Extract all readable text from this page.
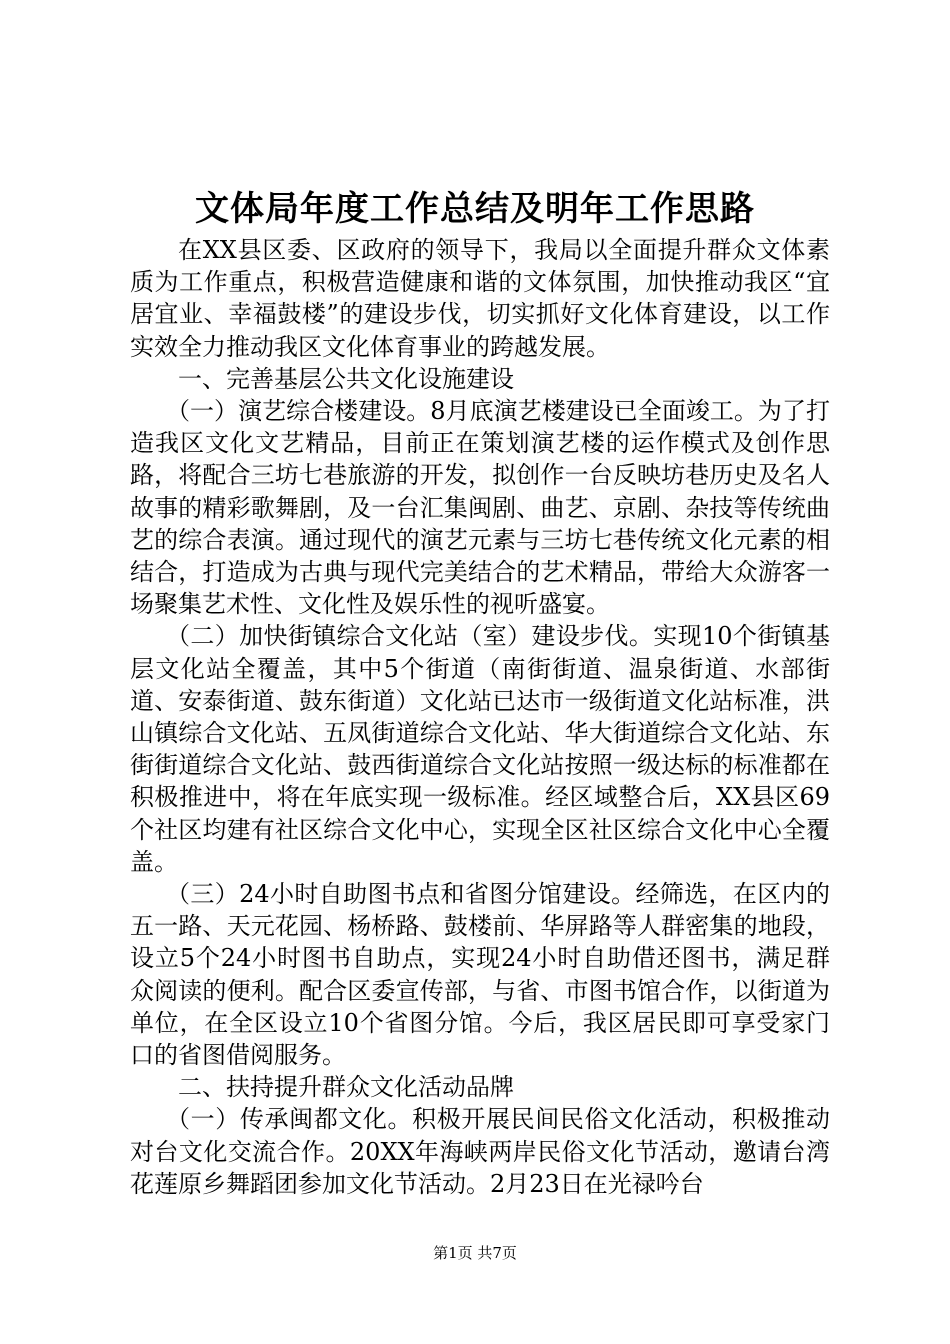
文体局年度工作总结及明年工作思路

在XX县区委、区政府的领导下，我局以全面提升群众文体素质为工作重点，积极营造健康和谐的文体氛围，加快推动我区“宜居宜业、幸福鼓楼”的建设步伐，切实抓好文化体育建设，以工作实效全力推动我区文化体育事业的跨越发展。

一、完善基层公共文化设施建设

（一）演艺综合楼建设。8月底演艺楼建设已全面竣工。为了打造我区文化文艺精品，目前正在策划演艺楼的运作模式及创作思路，将配合三坊七巷旅游的开发，拟创作一台反映坊巷历史及名人故事的精彩歌舞剧，及一台汇集闽剧、曲艺、京剧、杂技等传统曲艺的综合表演。通过现代的演艺元素与三坊七巷传统文化元素的相结合，打造成为古典与现代完美结合的艺术精品，带给大众游客一场聚集艺术性、文化性及娱乐性的视听盛宴。

（二）加快街镇综合文化站（室）建设步伐。实现10个街镇基层文化站全覆盖，其中5个街道（南街街道、温泉街道、水部街道、安泰街道、鼓东街道）文化站已达市一级街道文化站标准，洪山镇综合文化站、五凤街道综合文化站、华大街道综合文化站、东街街道综合文化站、鼓西街道综合文化站按照一级达标的标准都在积极推进中，将在年底实现一级标准。经区域整合后，XX县区69个社区均建有社区综合文化中心，实现全区社区综合文化中心全覆盖。

（三）24小时自助图书点和省图分馆建设。经筛选，在区内的五一路、天元花园、杨桥路、鼓楼前、华屏路等人群密集的地段，设立5个24小时图书自助点，实现24小时自助借还图书，满足群众阅读的便利。配合区委宣传部，与省、市图书馆合作，以街道为单位，在全区设立10个省图分馆。今后，我区居民即可享受家门口的省图借阅服务。

二、扶持提升群众文化活动品牌

（一）传承闽都文化。积极开展民间民俗文化活动，积极推动对台文化交流合作。20XX年海峡两岸民俗文化节活动，邀请台湾花莲原乡舞蹈团参加文化节活动。2月23日在光禄吟台

第1页 共7页
